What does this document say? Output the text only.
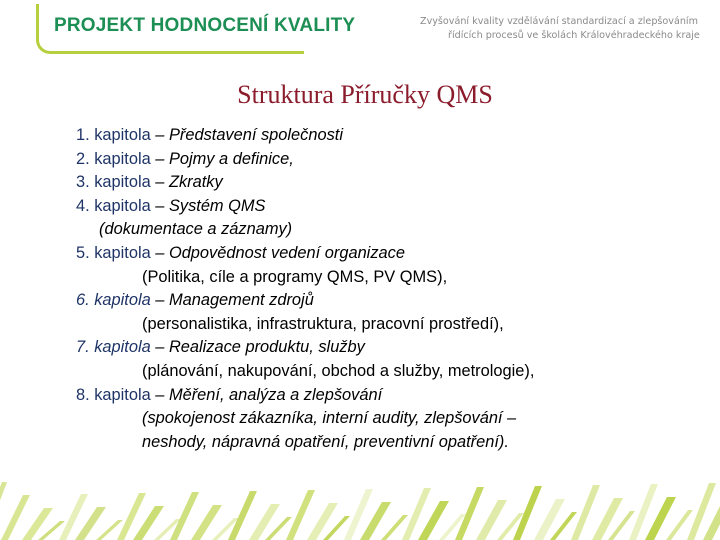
PROJEKT HODNOCENÍ KVALITY	Zvyšování kvality vzdělávání standardizací a zlepšováním
řídících procesů ve školách Královéhradeckého kraje
Struktura Příručky QMS
1. kapitola – Představení společnosti
2. kapitola – Pojmy a definice,
3. kapitola – Zkratky
4. kapitola – Systém QMS
(dokumentace a záznamy)
5. kapitola – Odpovědnost vedení organizace
(Politika, cíle a programy QMS, PV QMS),
6. kapitola – Management zdrojů
(personalistika, infrastruktura, pracovní prostředí),
7. kapitola – Realizace produktu, služby
(plánování, nakupování, obchod a služby, metrologie),
8. kapitola – Měření, analýza a zlepšování
(spokojenost zákazníka, interní audity, zlepšování –
neshody, nápravná opatření, preventivní opatření).
